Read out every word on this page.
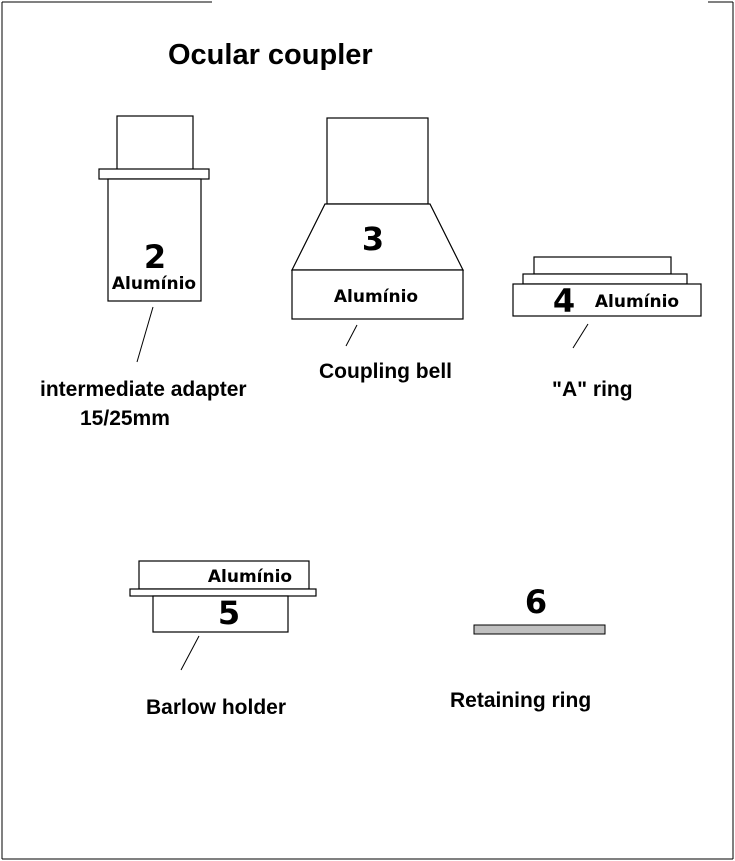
Ocular coupler
2
Alumínio
intermediate adapter
15/25mm
3
Alumínio
Coupling bell
4 Alumínio
"A" ring
Alumínio
5
Barlow holder
6
Retaining ring
